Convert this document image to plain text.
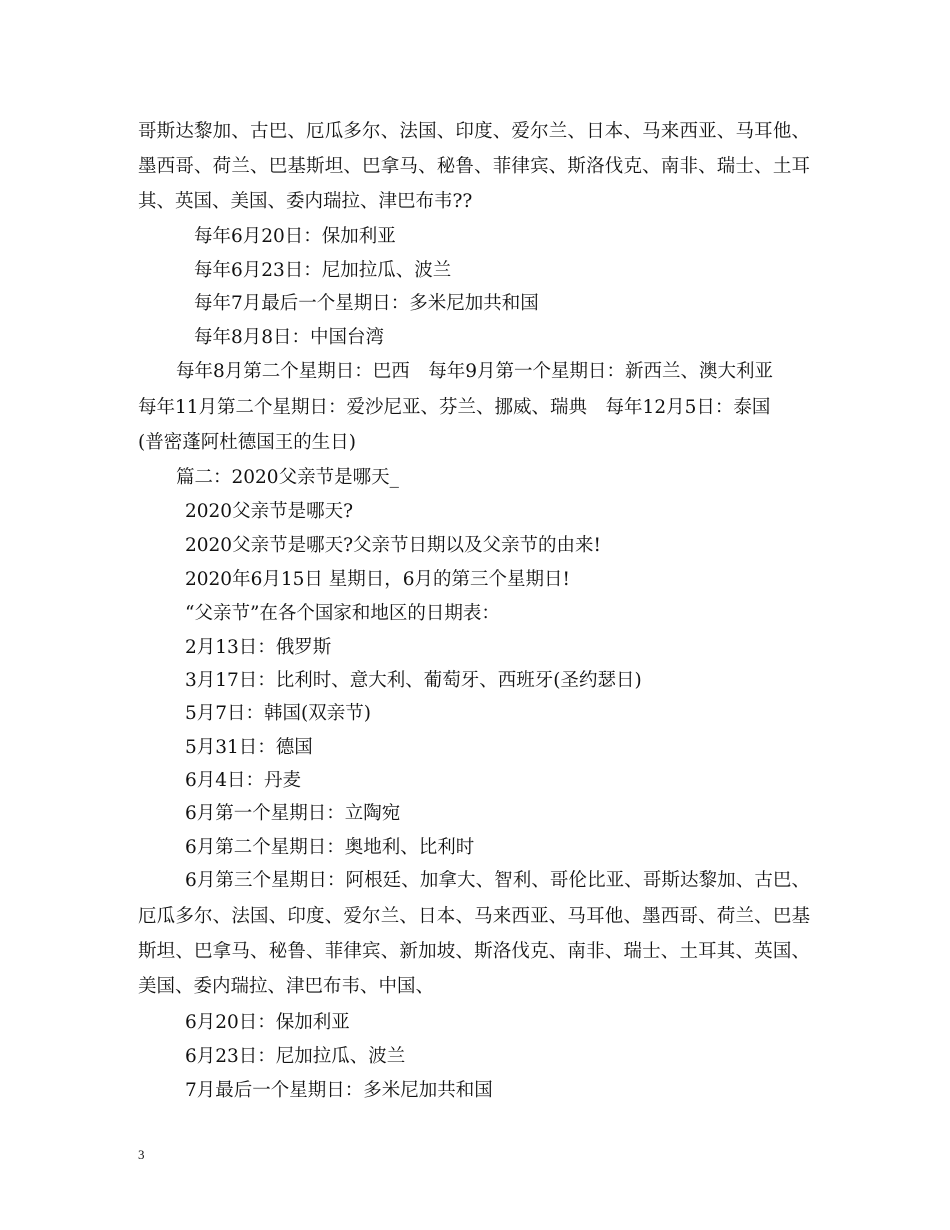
哥斯达黎加、古巴、厄瓜多尔、法国、印度、爱尔兰、日本、马来西亚、马耳他、
墨西哥、荷兰、巴基斯坦、巴拿马、秘鲁、菲律宾、斯洛伐克、南非、瑞士、土耳
其、英国、美国、委内瑞拉、津巴布韦??
每年6月20日：保加利亚
每年6月23日：尼加拉瓜、波兰
每年7月最后一个星期日：多米尼加共和国
每年8月8日：中国台湾
每年8月第二个星期日：巴西　每年9月第一个星期日：新西兰、澳大利亚
每年11月第二个星期日：爱沙尼亚、芬兰、挪威、瑞典　每年12月5日：泰国
(普密蓬阿杜德国王的生日)
篇二：2020父亲节是哪天_
2020父亲节是哪天?
2020父亲节是哪天?父亲节日期以及父亲节的由来!
2020年6月15日 星期日，6月的第三个星期日!
“父亲节”在各个国家和地区的日期表：
2月13日：俄罗斯
3月17日：比利时、意大利、葡萄牙、西班牙(圣约瑟日)
5月7日：韩国(双亲节)
5月31日：德国
6月4日：丹麦
6月第一个星期日：立陶宛
6月第二个星期日：奥地利、比利时
6月第三个星期日：阿根廷、加拿大、智利、哥伦比亚、哥斯达黎加、古巴、
厄瓜多尔、法国、印度、爱尔兰、日本、马来西亚、马耳他、墨西哥、荷兰、巴基
斯坦、巴拿马、秘鲁、菲律宾、新加坡、斯洛伐克、南非、瑞士、土耳其、英国、
美国、委内瑞拉、津巴布韦、中国、
6月20日：保加利亚
6月23日：尼加拉瓜、波兰
7月最后一个星期日：多米尼加共和国
3
